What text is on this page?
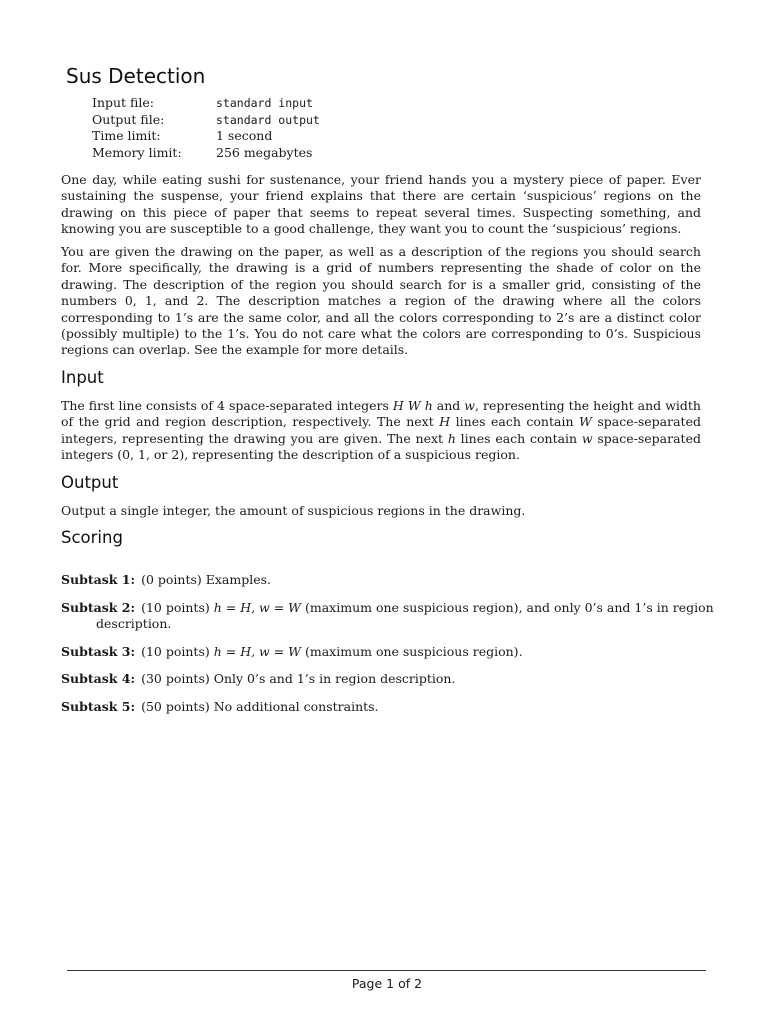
Sus Detection
Input file:	standard input
Output file:	standard output
Time limit:	1 second
Memory limit:	256 megabytes

One day, while eating sushi for sustenance, your friend hands you a mystery piece of paper. Ever sustaining the suspense, your friend explains that there are certain ‘suspicious’ regions on the drawing on this piece of paper that seems to repeat several times. Suspecting something, and knowing you are susceptible to a good challenge, they want you to count the ‘suspicious’ regions.

You are given the drawing on the paper, as well as a description of the regions you should search for. More specifically, the drawing is a grid of numbers representing the shade of color on the drawing. The description of the region you should search for is a smaller grid, consisting of the numbers 0, 1, and 2. The description matches a region of the drawing where all the colors corresponding to 1’s are the same color, and all the colors corresponding to 2’s are a distinct color (possibly multiple) to the 1’s. You do not care what the colors are corresponding to 0’s. Suspicious regions can overlap. See the example for more details.

Input

The first line consists of 4 space-separated integers H W h and w, representing the height and width of the grid and region description, respectively. The next H lines each contain W space-separated integers, representing the drawing you are given. The next h lines each contain w space-separated integers (0, 1, or 2), representing the description of a suspicious region.

Output

Output a single integer, the amount of suspicious regions in the drawing.

Scoring
Subtask 1: (0 points) Examples.
Subtask 2: (10 points) h = H, w = W (maximum one suspicious region), and only 0’s and 1’s in region description.
Subtask 3: (10 points) h = H, w = W (maximum one suspicious region).
Subtask 4: (30 points) Only 0’s and 1’s in region description.
Subtask 5: (50 points) No additional constraints.
Page 1 of 2
